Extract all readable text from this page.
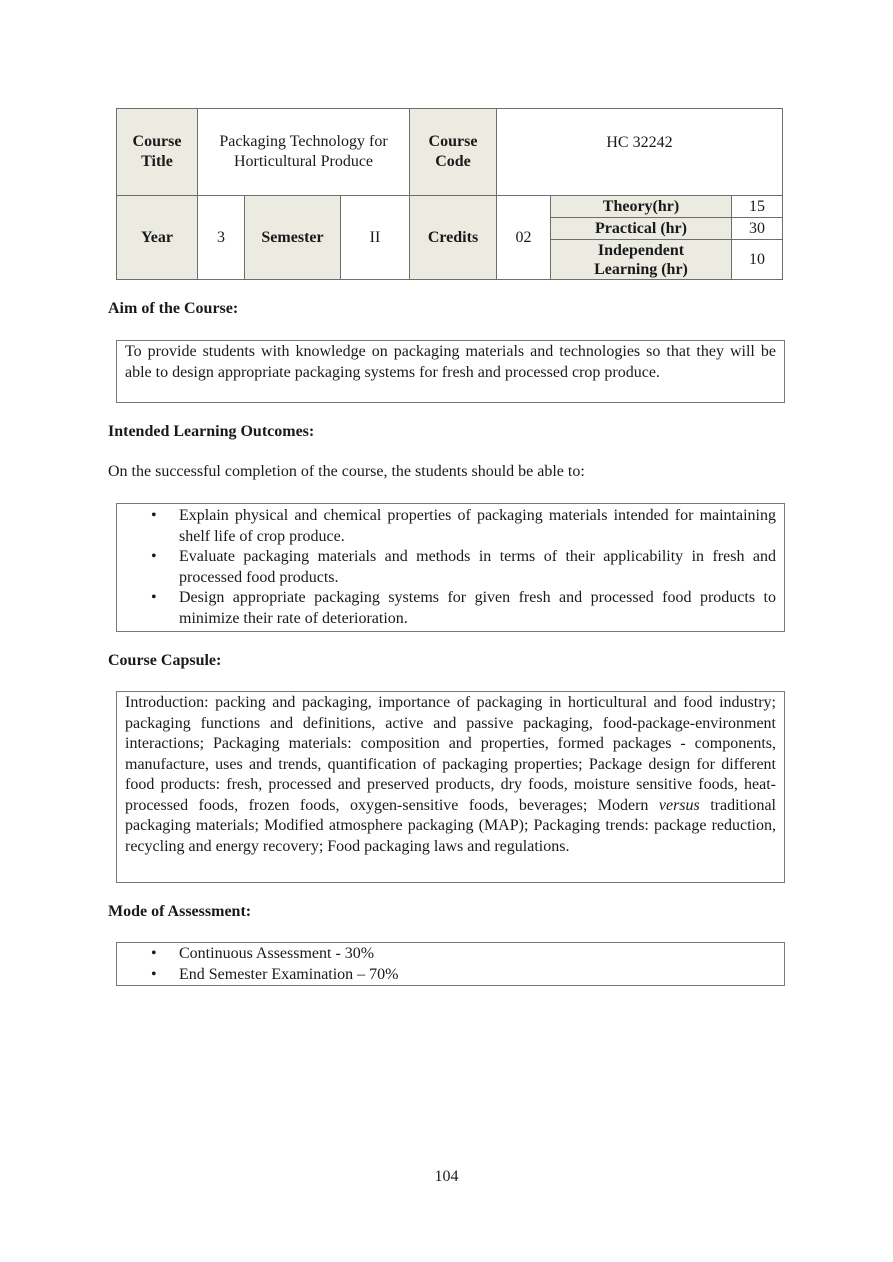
Course Title	Packaging Technology for Horticultural Produce			Course Code	HC 32242		
Year	3	Semester	II	Credits	02	Theory(hr)	15
						Practical (hr)	30
						Independent Learning (hr)	10
Aim of the Course:

To provide students with knowledge on packaging materials and technologies so that they will be able to design appropriate packaging systems for fresh and processed crop produce.

Intended Learning Outcomes:
On the successful completion of the course, the students should be able to:
• Explain physical and chemical properties of packaging materials intended for maintaining shelf life of crop produce.
• Evaluate packaging materials and methods in terms of their applicability in fresh and processed food products.
• Design appropriate packaging systems for given fresh and processed food products to minimize their rate of deterioration.
Course Capsule:

Introduction: packing and packaging, importance of packaging in horticultural and food industry; packaging functions and definitions, active and passive packaging, food-package-environment interactions; Packaging materials: composition and properties, formed packages - components, manufacture, uses and trends, quantification of packaging properties; Package design for different food products: fresh, processed and preserved products, dry foods, moisture sensitive foods, heat-processed foods, frozen foods, oxygen-sensitive foods, beverages; Modern versus traditional packaging materials; Modified atmosphere packaging (MAP); Packaging trends: package reduction, recycling and energy recovery; Food packaging laws and regulations.

Mode of Assessment:
• Continuous Assessment - 30%
• End Semester Examination – 70%
104
